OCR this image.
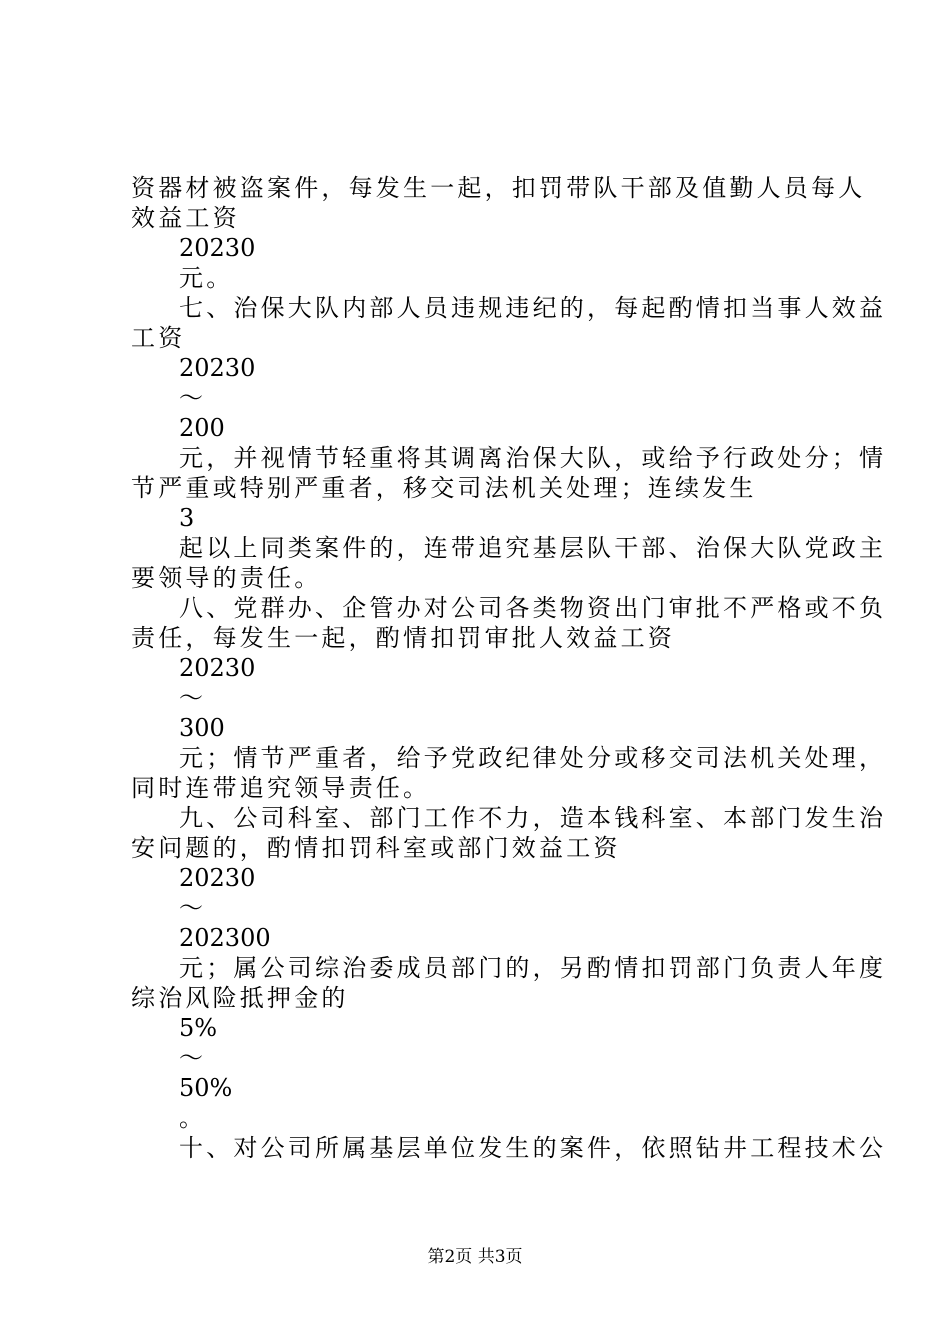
资器材被盗案件，每发生一起，扣罚带队干部及值勤人员每人
效益工资
20230
元。
七、治保大队内部人员违规违纪的，每起酌情扣当事人效益
工资
20230
～
200
元，并视情节轻重将其调离治保大队，或给予行政处分；情
节严重或特别严重者，移交司法机关处理；连续发生
3
起以上同类案件的，连带追究基层队干部、治保大队党政主
要领导的责任。
八、党群办、企管办对公司各类物资出门审批不严格或不负
责任，每发生一起，酌情扣罚审批人效益工资
20230
～
300
元；情节严重者，给予党政纪律处分或移交司法机关处理，
同时连带追究领导责任。
九、公司科室、部门工作不力，造本钱科室、本部门发生治
安问题的，酌情扣罚科室或部门效益工资
20230
～
202300
元；属公司综治委成员部门的，另酌情扣罚部门负责人年度
综治风险抵押金的
5%
～
50%
。
十、对公司所属基层单位发生的案件，依照钻井工程技术公
第2页 共3页
